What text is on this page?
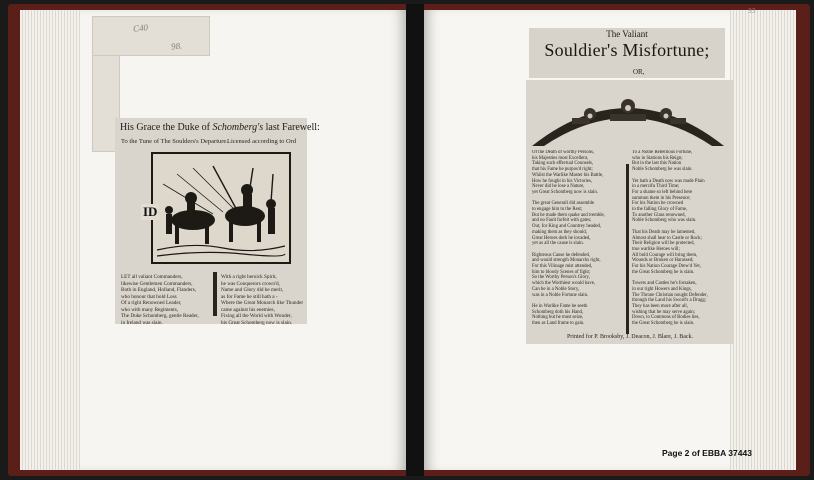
33
C40
98.
His Grace the Duke of Schomberg's last Farewell:
To the Tune of The Soulders's Departure. Licensed according to Ord
ID
LET all valiant Commanders,
likewise Gentlemen Commanders,
Both in England, Holland, Flanders,
who honour that bold Loss
Of a right Renowned Leader,
who with many Regiments,
The Duke Schomberg, gentle Reader,
in Ireland was slain.
With a right heroick Spirit,
he was Conquerors crown'd,
Name and Glory did he merit,
as for Fame he still hath a -
Where the Great Monarch like Thunder
came against his enemies,
Fixing all the World with Wonder,
his Great Schomberg now is slain.
The Valiant
Souldier's Misfortune;
OR,
Of the Death of worthy Persons,
his Majesties most Excellent,
Taking such effectual Counsels,
that his Fame he purpos'd right;
Whilst the Warlike Master his Battle,
How he fought in his Victories,
Never did he lose a Nature,
yet Great Schomberg now is slain.

The great Generall did assemble
to engage him to the Rest;
But he made them quake and tremble,
and no Fault forfeit with gates;
Out, for King and Countrey headed,
making them as they should,
Great Heroes doth he invaded,
yet as all the cause is slain.

Righteous Cause he defended,
and would strength Monarchs right,
For this Vilinage mist attended,
him to bloody Scenes of fight;
So the Worthy Person's Glory,
which the Worthiest would have,
Can be in a Noble Story,
was in a Noble Fortune slain.

He in Warlike Fame he seeth
Schomberg doth his Hand,
Nothing but he must seize,
then as Land frame to gain.
To a Noble Rebellious Fortune,
who in Stations his Reign;
But in the last this Nation
Noble Schomberg he was slain.

Yet hath a Death now was made Plain
in a mercifu Third Time;
For a shame so left behind here
summon them in his Presence;
For his Nation be crowned
in the falling Glory of Fame,
To another Glass renowned,
Noble Schomberg who was slain.

That his Death may be lamented,
Almost shall hear to Castle or Rock;
Their Religion will be protected,
true warlike Heroes will;
All bold Courage will bring them,
Wounds or Broken or Harassed;
For his Nation Courage Drew'd Yet,
the Great Schomberg he is slain.

Towers and Castles he's forsaken,
in our right Howers and Kings,
The Throne Christian nought Defender,
through the Land his Sword's a Dragg;
They has been more after all,
wishing that he may serve again;
Down, to Commons of Bodies lies,
the Great Schomberg he is slain.
Printed for P. Brooksby, J. Deacon, J. Blare, J. Back.
Page 2 of EBBA 37443
